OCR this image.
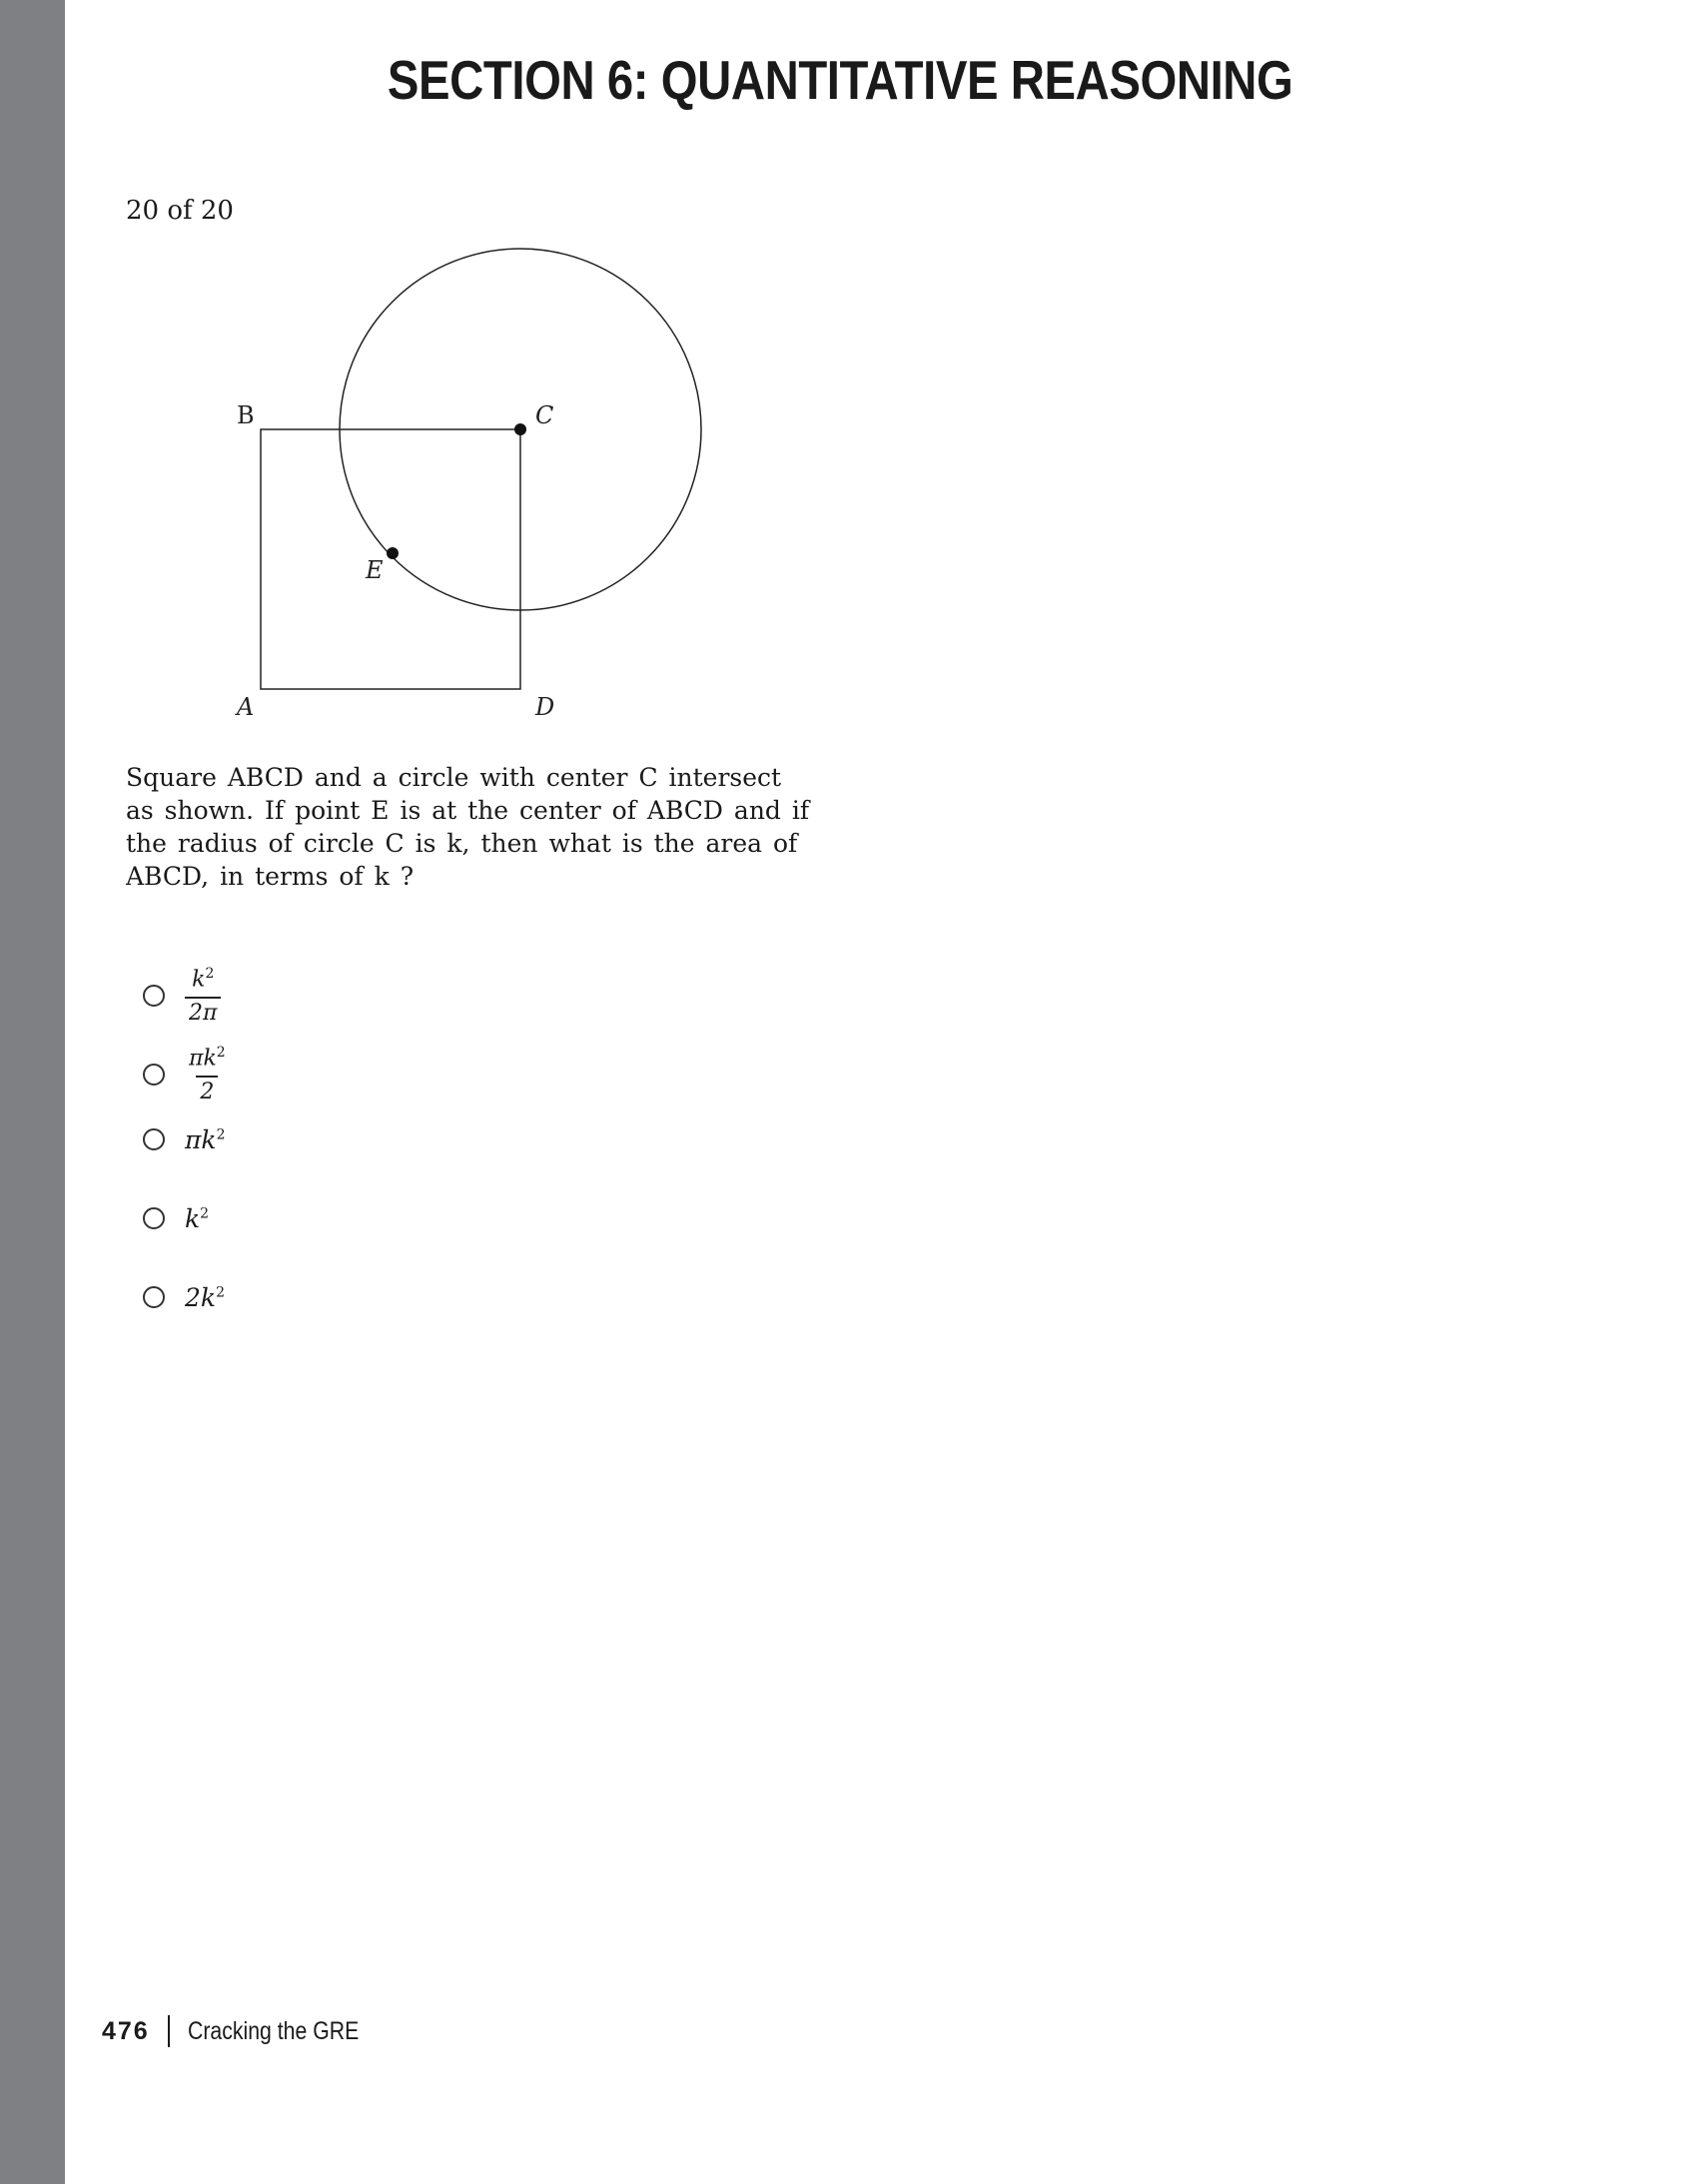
SECTION 6: QUANTITATIVE REASONING
20 of 20
B	C
E
A	D
Square ABCD and a circle with center C intersect as shown. If point E is at the center of ABCD and if the radius of circle C is k, then what is the area of ABCD, in terms of k ?
$\frac{k^2}{2\pi}$
$\frac{\pi k^2}{2}$
$\pi k^2$
$k^2$
$2k^2$
476 Cracking the GRE
